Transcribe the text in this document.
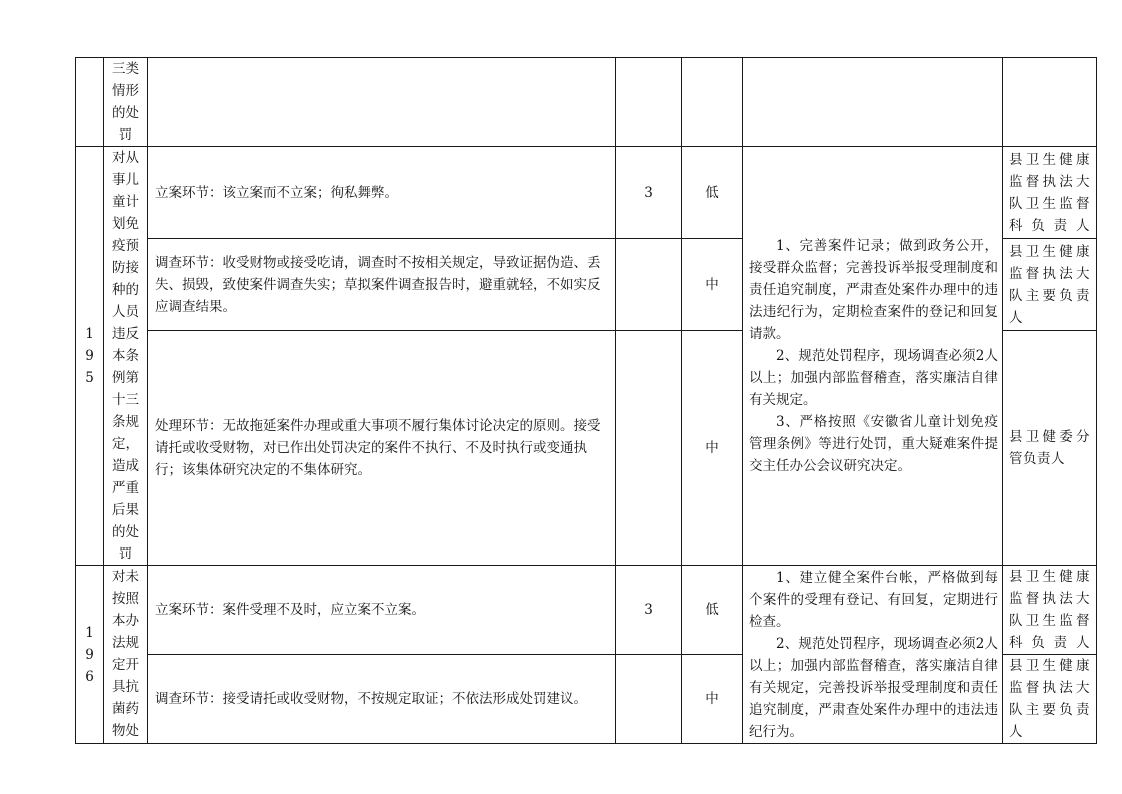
	三类情形的处罚					

195	对从事儿童计划免疫预防接种的人员违反本条例第十三条规定，造成严重后果的处罚	立案环节：该立案而不立案；徇私舞弊。	3	低	1、完善案件记录；做到政务公开，接受群众监督；完善投诉举报受理制度和责任追究制度，严肃查处案件办理中的违法违纪行为，定期检查案件的登记和回复请款。

2、规范处罚程序，现场调查必须2人以上；加强内部监督稽查，落实廉洁自律有关规定。

3、严格按照《安徽省儿童计划免疫管理条例》等进行处罚，重大疑难案件提交主任办公会议研究决定。	县卫生健康监督执法大队卫生监督科负责人

		调查环节：收受财物或接受吃请，调查时不按相关规定，导致证据伪造、丢失、损毁，致使案件调查失实；草拟案件调查报告时，避重就轻，不如实反应调查结果。		中		县卫生健康监督执法大队主要负责人

		处理环节：无故拖延案件办理或重大事项不履行集体讨论决定的原则。接受请托或收受财物，对已作出处罚决定的案件不执行、不及时执行或变通执行；该集体研究决定的不集体研究。		中		县卫健委分管负责人

196	对未按照本办法规定开具抗菌药物处	立案环节：案件受理不及时，应立案不立案。	3	低	1、建立健全案件台帐，严格做到每个案件的受理有登记、有回复，定期进行检查。

2、规范处罚程序，现场调查必须2人以上；加强内部监督稽查，落实廉洁自律有关规定，完善投诉举报受理制度和责任追究制度，严肃查处案件办理中的违法违纪行为。	县卫生健康监督执法大队卫生监督科负责人

		调查环节：接受请托或收受财物，不按规定取证；不依法形成处罚建议。		中		县卫生健康监督执法大队主要负责人
